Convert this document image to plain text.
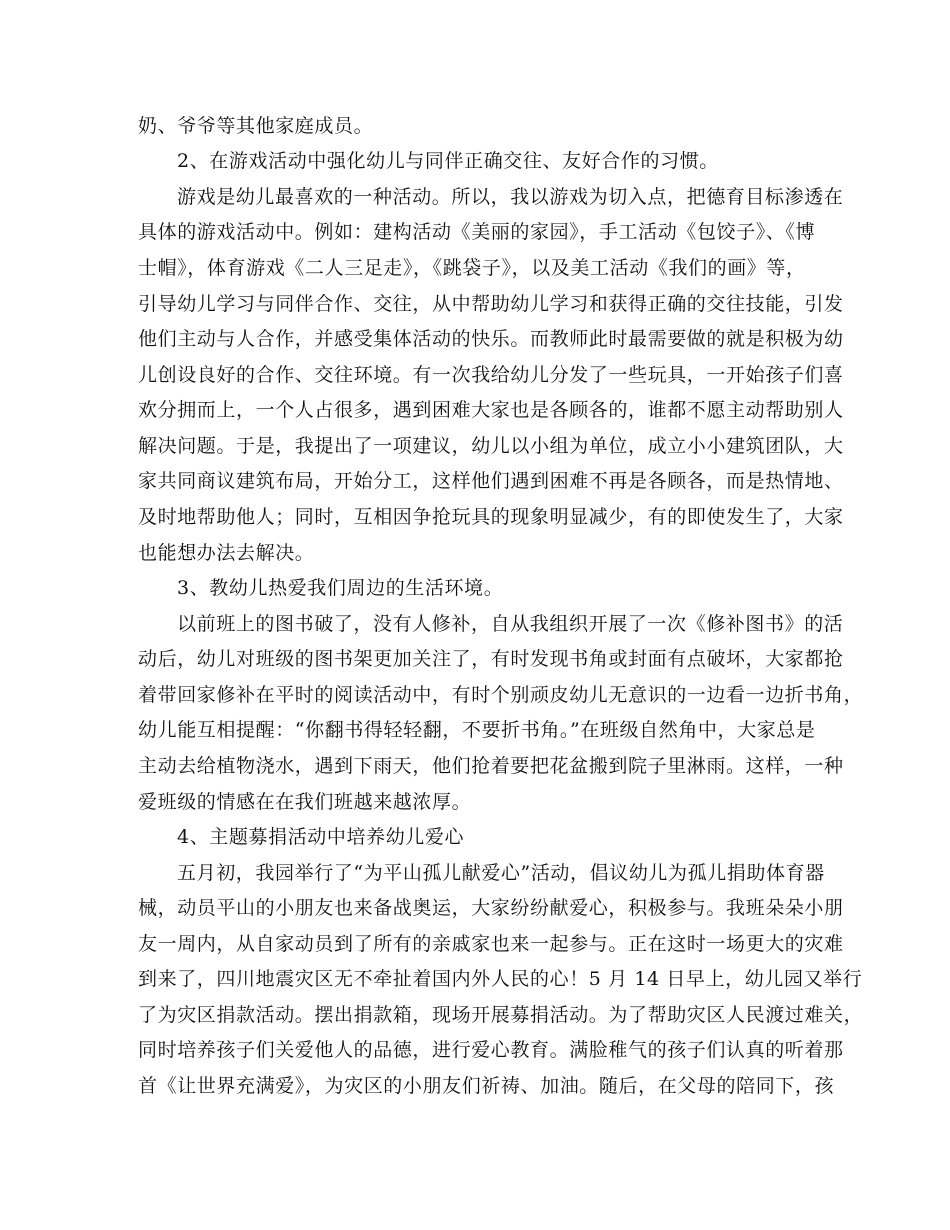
奶、爷爷等其他家庭成员。
2、在游戏活动中强化幼儿与同伴正确交往、友好合作的习惯。
游戏是幼儿最喜欢的一种活动。所以，我以游戏为切入点，把德育目标渗透在
具体的游戏活动中。例如：建构活动《美丽的家园》，手工活动《包饺子》、《博
士帽》，体育游戏《二人三足走》，《跳袋子》，以及美工活动《我们的画》等，
引导幼儿学习与同伴合作、交往，从中帮助幼儿学习和获得正确的交往技能，引发
他们主动与人合作，并感受集体活动的快乐。而教师此时最需要做的就是积极为幼
儿创设良好的合作、交往环境。有一次我给幼儿分发了一些玩具，一开始孩子们喜
欢分拥而上，一个人占很多，遇到困难大家也是各顾各的，谁都不愿主动帮助别人
解决问题。于是，我提出了一项建议，幼儿以小组为单位，成立小小建筑团队，大
家共同商议建筑布局，开始分工，这样他们遇到困难不再是各顾各，而是热情地、
及时地帮助他人；同时，互相因争抢玩具的现象明显减少，有的即使发生了，大家
也能想办法去解决。
3、教幼儿热爱我们周边的生活环境。
以前班上的图书破了，没有人修补，自从我组织开展了一次《修补图书》的活
动后，幼儿对班级的图书架更加关注了，有时发现书角或封面有点破坏，大家都抢
着带回家修补在平时的阅读活动中，有时个别顽皮幼儿无意识的一边看一边折书角，
幼儿能互相提醒：“你翻书得轻轻翻，不要折书角。”在班级自然角中，大家总是
主动去给植物浇水，遇到下雨天，他们抢着要把花盆搬到院子里淋雨。这样，一种
爱班级的情感在在我们班越来越浓厚。
4、主题募捐活动中培养幼儿爱心
五月初，我园举行了“为平山孤儿献爱心”活动，倡议幼儿为孤儿捐助体育器
械，动员平山的小朋友也来备战奥运，大家纷纷献爱心，积极参与。我班朵朵小朋
友一周内，从自家动员到了所有的亲戚家也来一起参与。正在这时一场更大的灾难
到来了，四川地震灾区无不牵扯着国内外人民的心！5 月 14 日早上，幼儿园又举行
了为灾区捐款活动。摆出捐款箱，现场开展募捐活动。为了帮助灾区人民渡过难关，
同时培养孩子们关爱他人的品德，进行爱心教育。满脸稚气的孩子们认真的听着那
首《让世界充满爱》，为灾区的小朋友们祈祷、加油。随后，在父母的陪同下，孩
